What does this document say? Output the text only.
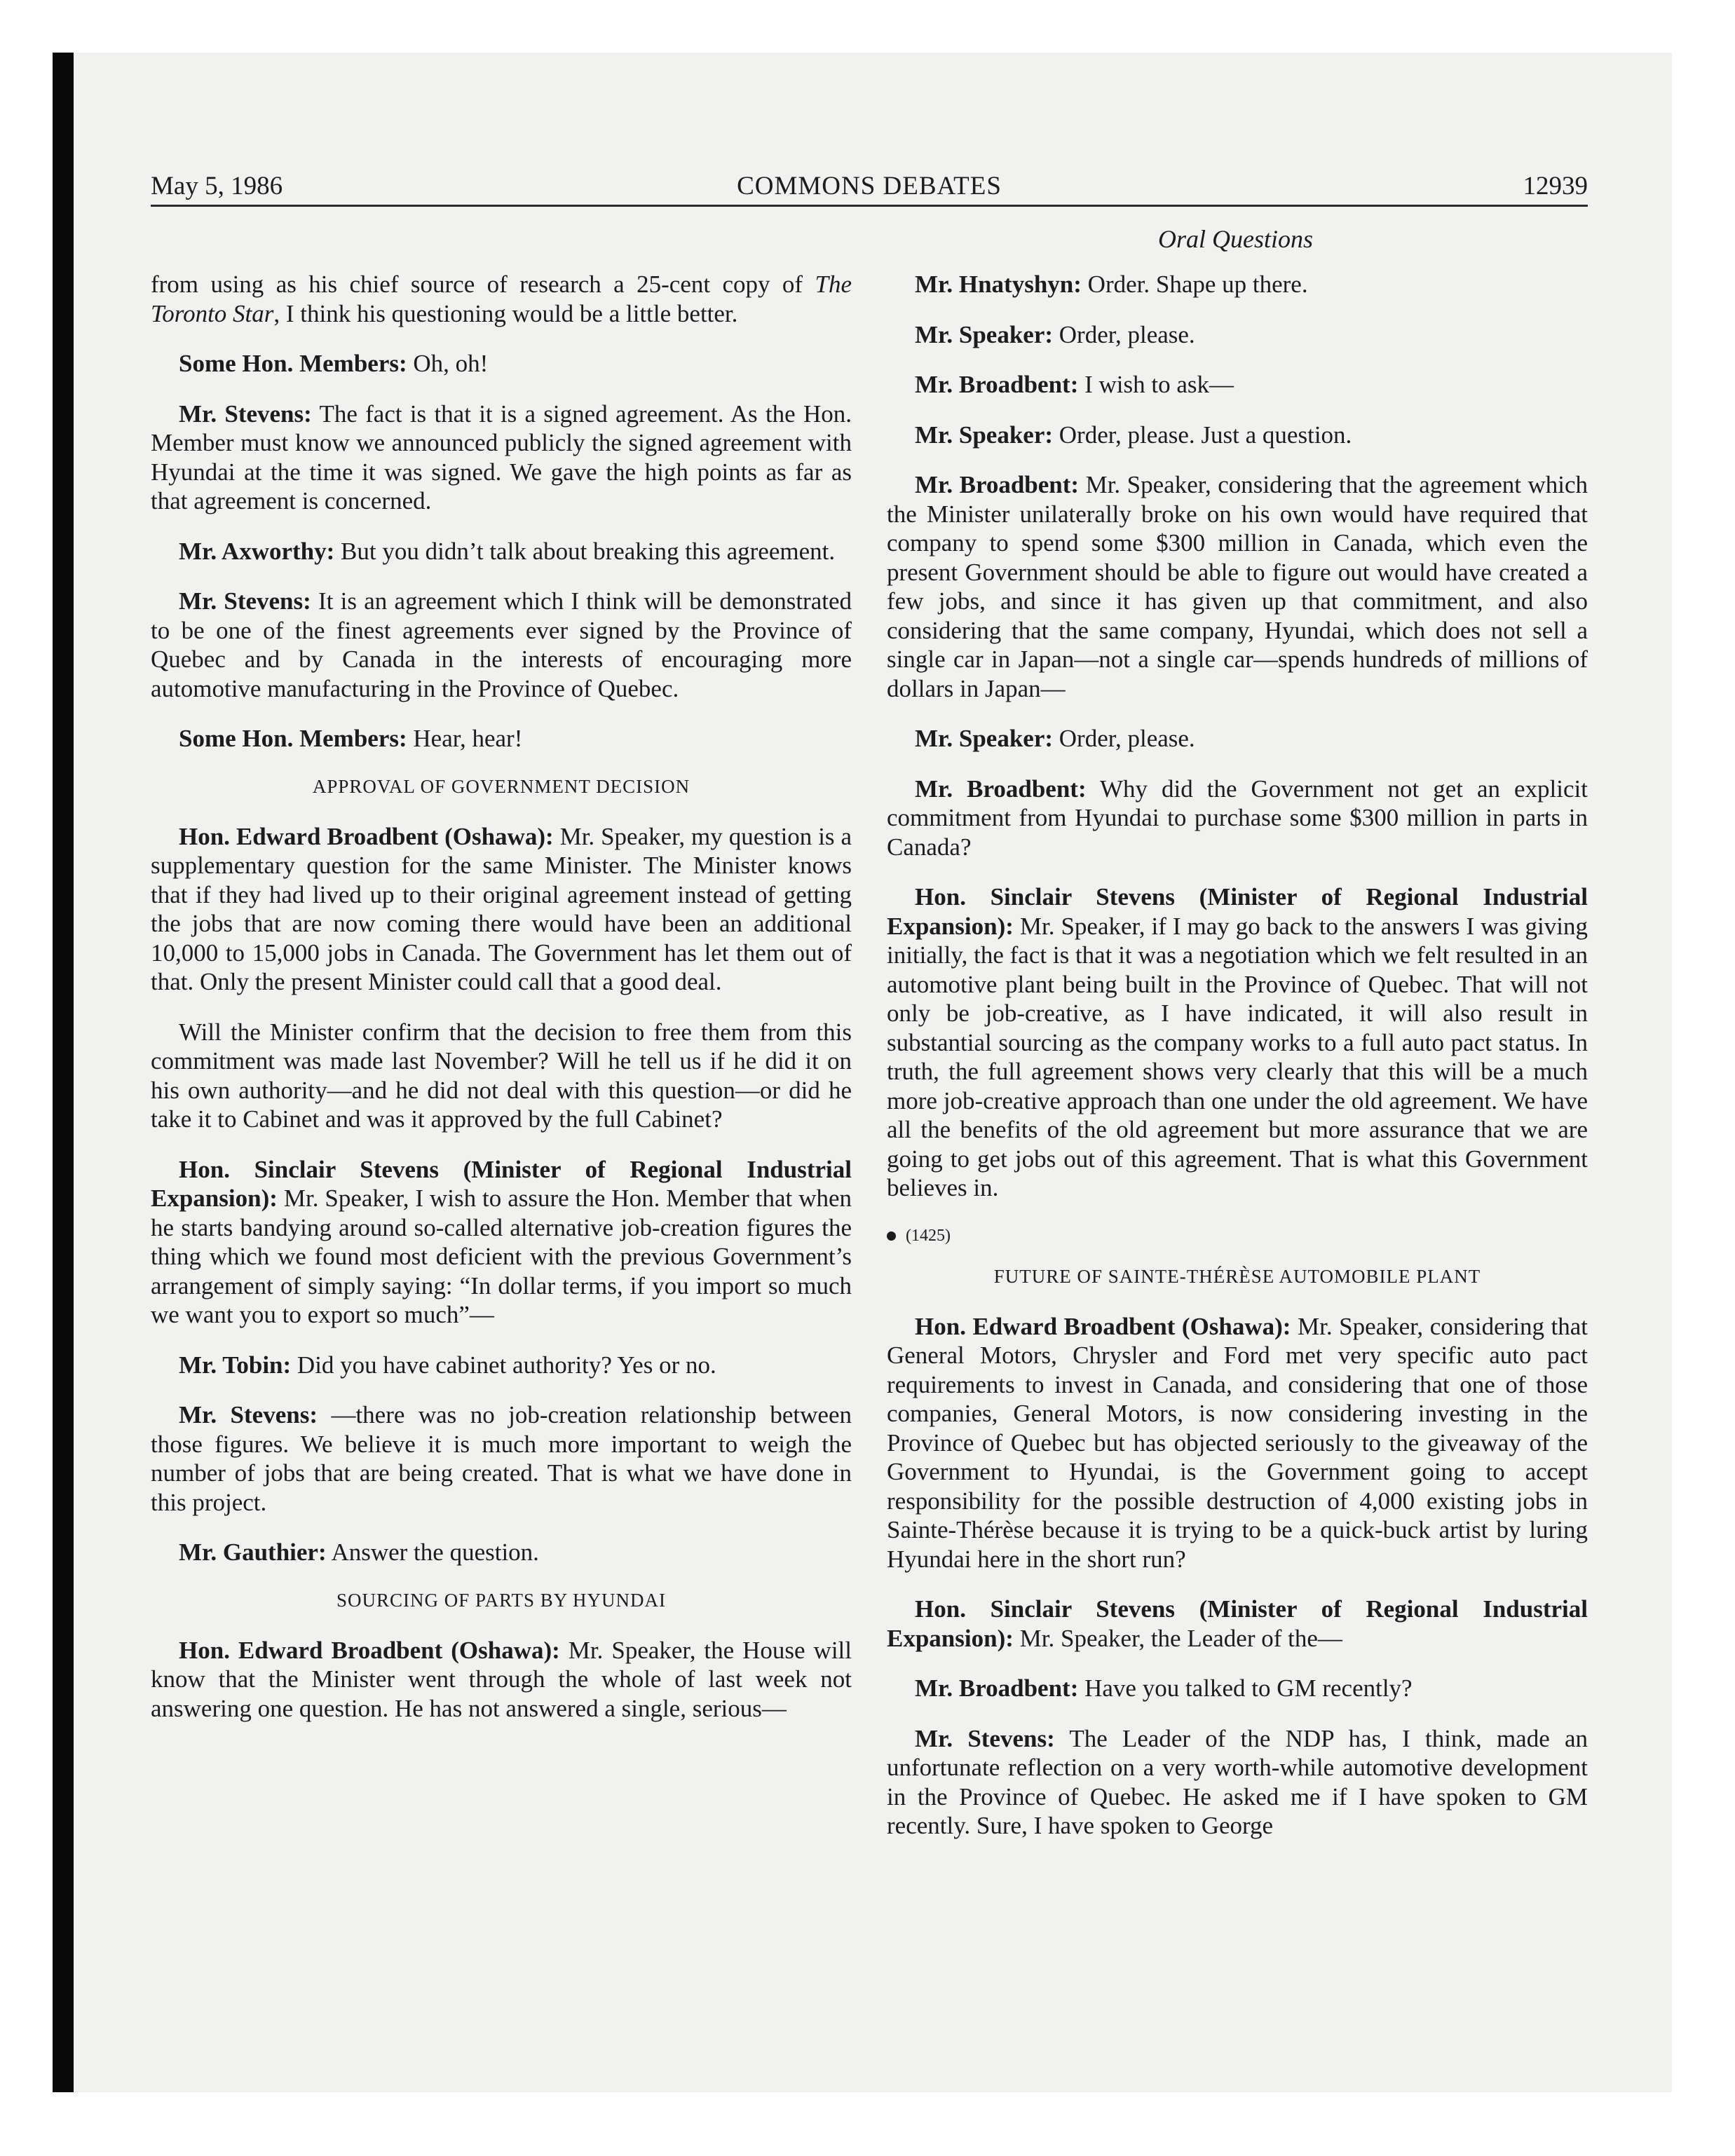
May 5, 1986	COMMONS DEBATES	12939
Oral Questions

from using as his chief source of research a 25-cent copy of The Toronto Star, I think his questioning would be a little better.

Some Hon. Members: Oh, oh!

Mr. Stevens: The fact is that it is a signed agreement. As the Hon. Member must know we announced publicly the signed agreement with Hyundai at the time it was signed. We gave the high points as far as that agreement is concerned.

Mr. Axworthy: But you didn’t talk about breaking this agreement.

Mr. Stevens: It is an agreement which I think will be demonstrated to be one of the finest agreements ever signed by the Province of Quebec and by Canada in the interests of encouraging more automotive manufacturing in the Province of Quebec.

Some Hon. Members: Hear, hear!

APPROVAL OF GOVERNMENT DECISION

Hon. Edward Broadbent (Oshawa): Mr. Speaker, my question is a supplementary question for the same Minister. The Minister knows that if they had lived up to their original agreement instead of getting the jobs that are now coming there would have been an additional 10,000 to 15,000 jobs in Canada. The Government has let them out of that. Only the present Minister could call that a good deal.

Will the Minister confirm that the decision to free them from this commitment was made last November? Will he tell us if he did it on his own authority—and he did not deal with this question—or did he take it to Cabinet and was it approved by the full Cabinet?

Hon. Sinclair Stevens (Minister of Regional Industrial Expansion): Mr. Speaker, I wish to assure the Hon. Member that when he starts bandying around so-called alternative job-creation figures the thing which we found most deficient with the previous Government’s arrangement of simply saying: “In dollar terms, if you import so much we want you to export so much”—

Mr. Tobin: Did you have cabinet authority? Yes or no.

Mr. Stevens: —there was no job-creation relationship between those figures. We believe it is much more important to weigh the number of jobs that are being created. That is what we have done in this project.

Mr. Gauthier: Answer the question.

SOURCING OF PARTS BY HYUNDAI

Hon. Edward Broadbent (Oshawa): Mr. Speaker, the House will know that the Minister went through the whole of last week not answering one question. He has not answered a single, serious—

Mr. Hnatyshyn: Order. Shape up there.

Mr. Speaker: Order, please.

Mr. Broadbent: I wish to ask—

Mr. Speaker: Order, please. Just a question.

Mr. Broadbent: Mr. Speaker, considering that the agreement which the Minister unilaterally broke on his own would have required that company to spend some $300 million in Canada, which even the present Government should be able to figure out would have created a few jobs, and since it has given up that commitment, and also considering that the same company, Hyundai, which does not sell a single car in Japan—not a single car—spends hundreds of millions of dollars in Japan—

Mr. Speaker: Order, please.

Mr. Broadbent: Why did the Government not get an explicit commitment from Hyundai to purchase some $300 million in parts in Canada?

Hon. Sinclair Stevens (Minister of Regional Industrial Expansion): Mr. Speaker, if I may go back to the answers I was giving initially, the fact is that it was a negotiation which we felt resulted in an automotive plant being built in the Province of Quebec. That will not only be job-creative, as I have indicated, it will also result in substantial sourcing as the company works to a full auto pact status. In truth, the full agreement shows very clearly that this will be a much more job-creative approach than one under the old agreement. We have all the benefits of the old agreement but more assurance that we are going to get jobs out of this agreement. That is what this Government believes in.

(1425)
FUTURE OF SAINTE-THÉRÈSE AUTOMOBILE PLANT

Hon. Edward Broadbent (Oshawa): Mr. Speaker, considering that General Motors, Chrysler and Ford met very specific auto pact requirements to invest in Canada, and considering that one of those companies, General Motors, is now considering investing in the Province of Quebec but has objected seriously to the giveaway of the Government to Hyundai, is the Government going to accept responsibility for the possible destruction of 4,000 existing jobs in Sainte-Thérèse because it is trying to be a quick-buck artist by luring Hyundai here in the short run?

Hon. Sinclair Stevens (Minister of Regional Industrial Expansion): Mr. Speaker, the Leader of the—

Mr. Broadbent: Have you talked to GM recently?

Mr. Stevens: The Leader of the NDP has, I think, made an unfortunate reflection on a very worth-while automotive development in the Province of Quebec. He asked me if I have spoken to GM recently. Sure, I have spoken to George
